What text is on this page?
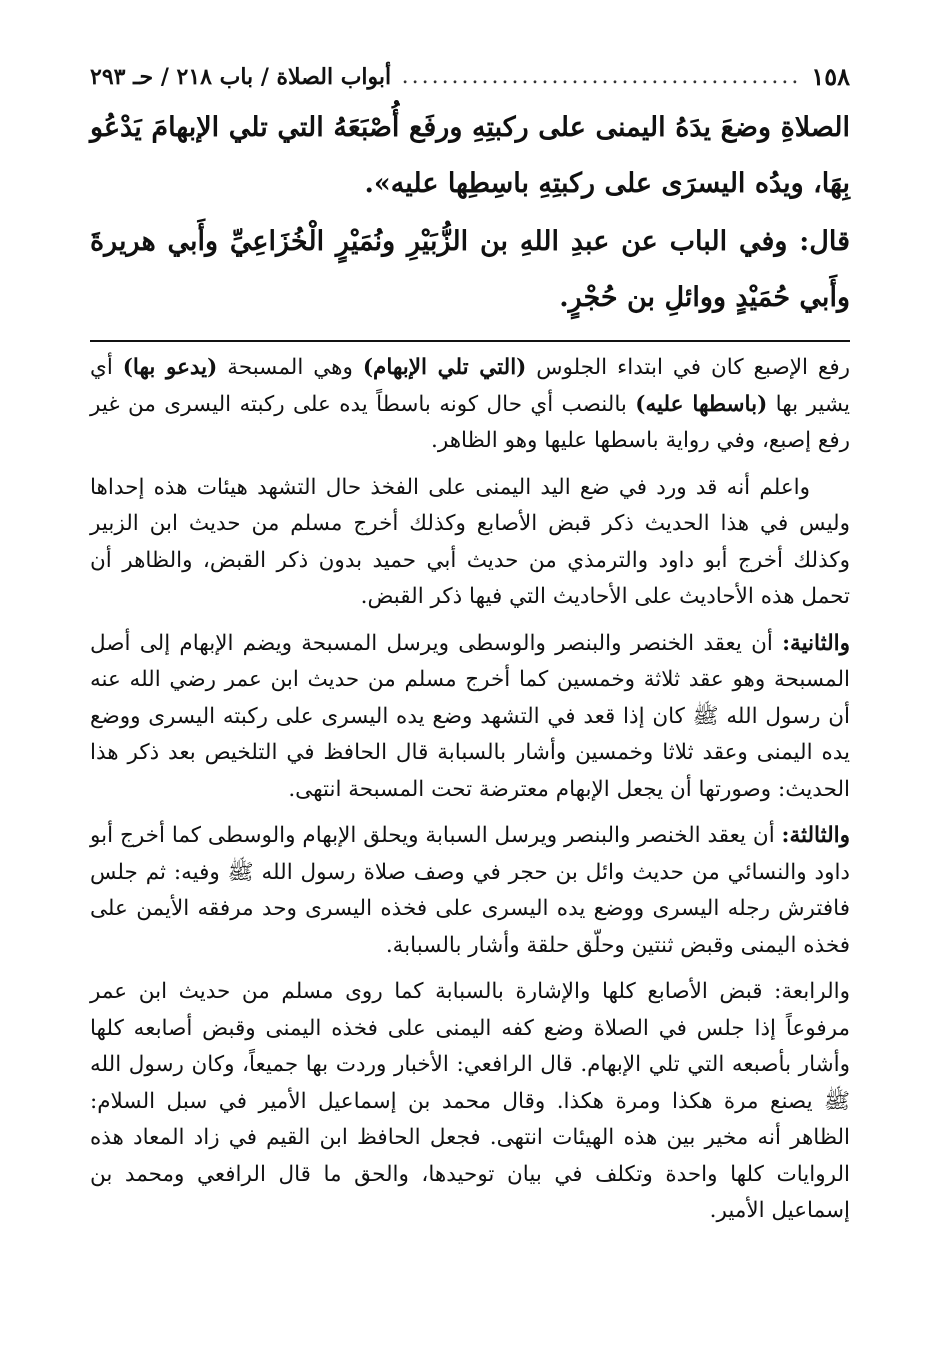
١٥٨
.....
أبواب الصلاة / باب ٢١٨ / حـ ٢٩٣

الصلاةِ وضعَ يدَهُ اليمنى على ركبتِهِ ورفَع أُصْبَعَهُ التي تلي الإبهامَ يَدْعُو بِهَا، ويدُه اليسرَى على ركبتِهِ باسِطِها عليه».

قال: وفي الباب عن عبدِ اللهِ بن الزُّبَيْرِ ونُمَيْرٍ الْخُزَاعِيِّ وأَبي هريرةَ وأَبي حُمَيْدٍ ووائلِ بن حُجْرٍ.

رفع الإصبع كان في ابتداء الجلوس (التي تلي الإبهام) وهي المسبحة (يدعو بها) أي يشير بها (باسطها عليه) بالنصب أي حال كونه باسطاً يده على ركبته اليسرى من غير رفع إصبع، وفي رواية باسطها عليها وهو الظاهر.

واعلم أنه قد ورد في ضع اليد اليمنى على الفخذ حال التشهد هيئات هذه إحداها وليس في هذا الحديث ذكر قبض الأصابع وكذلك أخرج مسلم من حديث ابن الزبير وكذلك أخرج أبو داود والترمذي من حديث أبي حميد بدون ذكر القبض، والظاهر أن تحمل هذه الأحاديث على الأحاديث التي فيها ذكر القبض.

والثانية: أن يعقد الخنصر والبنصر والوسطى ويرسل المسبحة ويضم الإبهام إلى أصل المسبحة وهو عقد ثلاثة وخمسين كما أخرج مسلم من حديث ابن عمر رضي الله عنه أن رسول الله ﷺ كان إذا قعد في التشهد وضع يده اليسرى على ركبته اليسرى ووضع يده اليمنى وعقد ثلاثا وخمسين وأشار بالسبابة قال الحافظ في التلخيص بعد ذكر هذا الحديث: وصورتها أن يجعل الإبهام معترضة تحت المسبحة انتهى.

والثالثة: أن يعقد الخنصر والبنصر ويرسل السبابة ويحلق الإبهام والوسطى كما أخرج أبو داود والنسائي من حديث وائل بن حجر في وصف صلاة رسول الله ﷺ وفيه: ثم جلس فافترش رجله اليسرى ووضع يده اليسرى على فخذه اليسرى وحد مرفقه الأيمن على فخذه اليمنى وقبض ثنتين وحلّق حلقة وأشار بالسبابة.

والرابعة: قبض الأصابع كلها والإشارة بالسبابة كما روى مسلم من حديث ابن عمر مرفوعاً إذا جلس في الصلاة وضع كفه اليمنى على فخذه اليمنى وقبض أصابعه كلها وأشار بأصبعه التي تلي الإبهام. قال الرافعي: الأخبار وردت بها جميعاً، وكان رسول الله ﷺ يصنع مرة هكذا ومرة هكذا. وقال محمد بن إسماعيل الأمير في سبل السلام: الظاهر أنه مخير بين هذه الهيئات انتهى. فجعل الحافظ ابن القيم في زاد المعاد هذه الروايات كلها واحدة وتكلف في بيان توحيدها، والحق ما قال الرافعي ومحمد بن إسماعيل الأمير.
